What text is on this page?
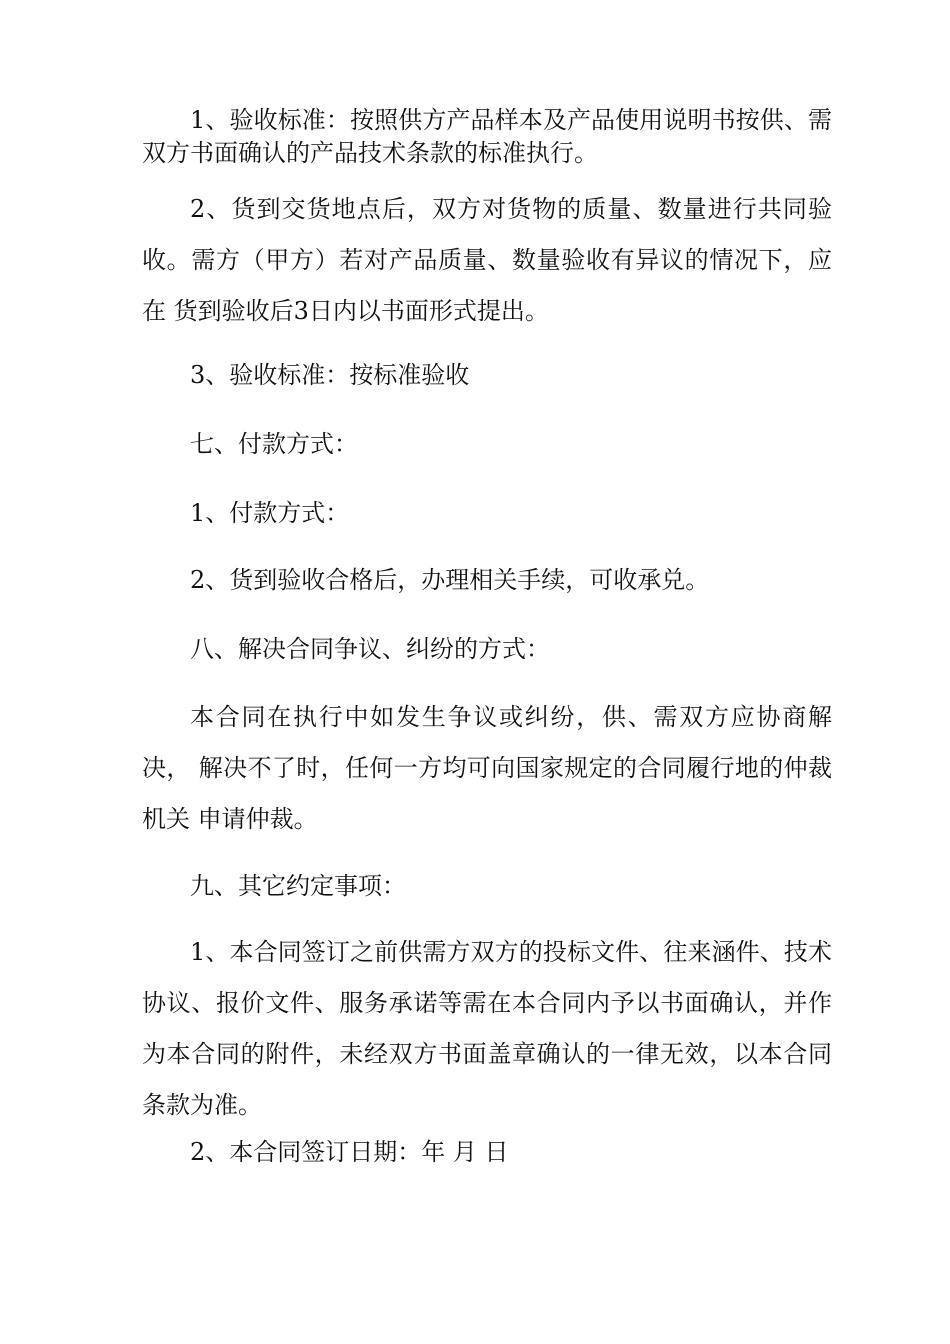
1、验收标准：按照供方产品样本及产品使用说明书按供、需双方书面确认的产品技术条款的标准执行。

2、货到交货地点后，双方对货物的质量、数量进行共同验收。需方（甲方）若对产品质量、数量验收有异议的情况下，应在 货到验收后3日内以书面形式提出。

3、验收标准：按标准验收

七、付款方式：

1、付款方式：

2、货到验收合格后，办理相关手续，可收承兑。

八、解决合同争议、纠纷的方式：

本合同在执行中如发生争议或纠纷，供、需双方应协商解决， 解决不了时，任何一方均可向国家规定的合同履行地的仲裁机关 申请仲裁。

九、其它约定事项：

1、本合同签订之前供需方双方的投标文件、往来涵件、技术协议、报价文件、服务承诺等需在本合同内予以书面确认，并作为本合同的附件，未经双方书面盖章确认的一律无效，以本合同条款为准。

2、本合同签订日期：年 月 日
